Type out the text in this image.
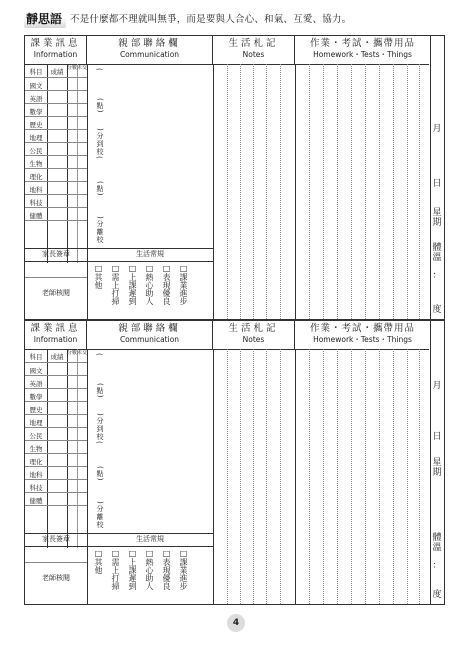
靜思語 不是什麼都不理就叫無爭，而是要與人合心、和氣、互愛、協力。
課業訊息
Information
親部聯絡欄
Communication
生活札記
Notes
作業・考試・攜帶用品
Homework・Tests・Things
科目	成績 分數未交
國文
英語
數學
歷史
地理
公民
生物
理化
地科
科技
健體
(
(點)
)分到校
(
(點)
)分離校
家長簽章
老師核閱
生活常規
□其他 □需上打掃 □上課遲到 □熱心助人 □表現優良 □課業進步
月
日
星期
體溫
：
度
課業訊息
Information
親部聯絡欄
Communication
生活札記
Notes
作業・考試・攜帶用品
Homework・Tests・Things
科目	成績 分數未交
國文
英語
數學
歷史
地理
公民
生物
理化
地科
科技
健體
(
(點)
)分到校
(
(點)
)分離校
家長簽章
老師核閱
生活常規
□其他 □需上打掃 □上課遲到 □熱心助人 □表現優良 □課業進步
月
日
星期
體溫
：
度
4
